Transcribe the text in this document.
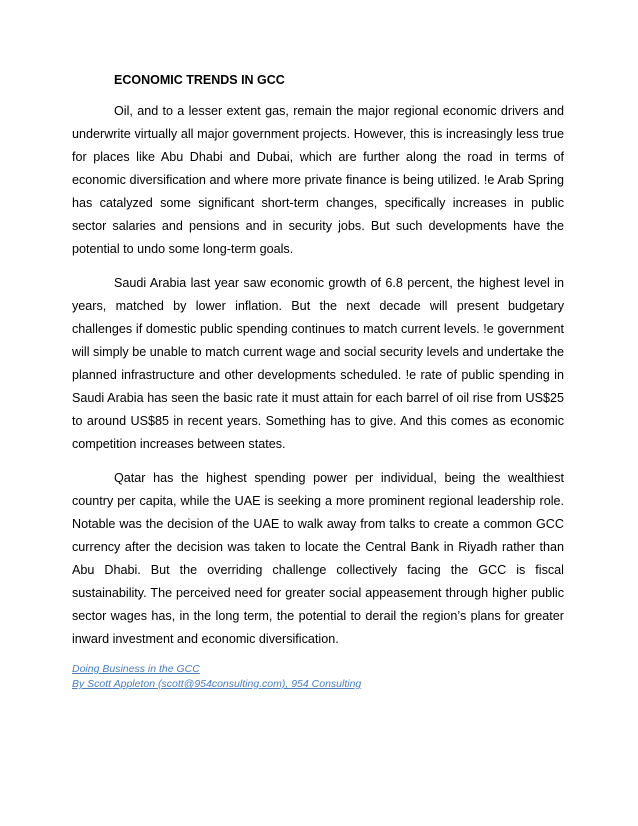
ECONOMIC TRENDS IN GCC

Oil, and to a lesser extent gas, remain the major regional economic drivers and underwrite virtually all major government projects. However, this is increasingly less true for places like Abu Dhabi and Dubai, which are further along the road in terms of economic diversification and where more private finance is being utilized. !e Arab Spring has catalyzed some significant short-term changes, specifically increases in public sector salaries and pensions and in security jobs. But such developments have the potential to undo some long-term goals.

Saudi Arabia last year saw economic growth of 6.8 percent, the highest level in years, matched by lower inflation. But the next decade will present budgetary challenges if domestic public spending continues to match current levels. !e government will simply be unable to match current wage and social security levels and undertake the planned infrastructure and other developments scheduled. !e rate of public spending in Saudi Arabia has seen the basic rate it must attain for each barrel of oil rise from US$25 to around US$85 in recent years. Something has to give. And this comes as economic competition increases between states.

Qatar has the highest spending power per individual, being the wealthiest country per capita, while the UAE is seeking a more prominent regional leadership role. Notable was the decision of the UAE to walk away from talks to create a common GCC currency after the decision was taken to locate the Central Bank in Riyadh rather than Abu Dhabi. But the overriding challenge collectively facing the GCC is fiscal sustainability. The perceived need for greater social appeasement through higher public sector wages has, in the long term, the potential to derail the region’s plans for greater inward investment and economic diversification.

Doing Business in the GCC
By Scott Appleton (scott@954consulting.com), 954 Consulting
